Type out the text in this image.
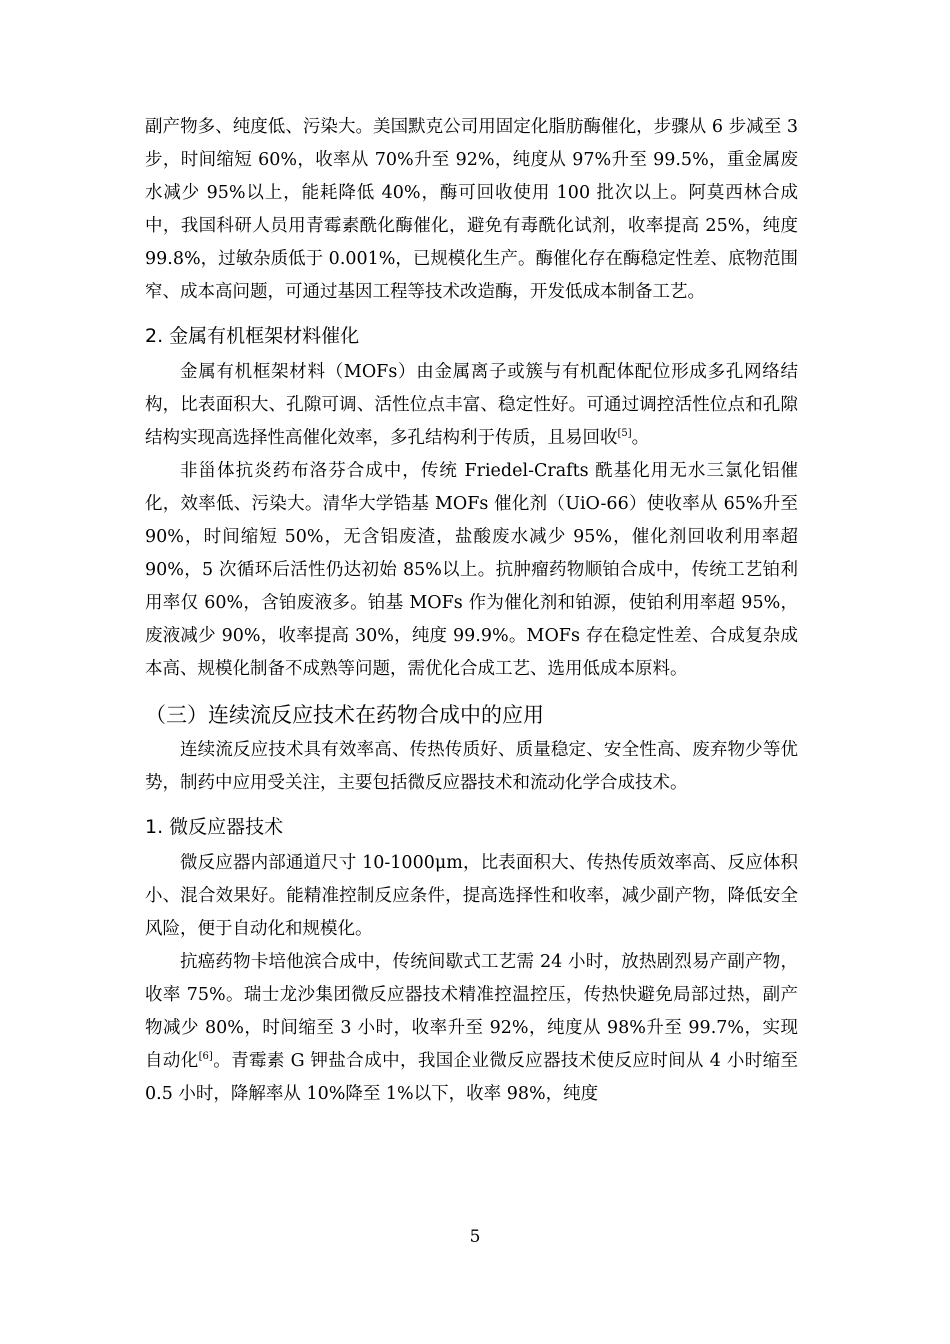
副产物多、纯度低、污染大。美国默克公司用固定化脂肪酶催化，步骤从 6 步减至 3 步，时间缩短 60%，收率从 70%升至 92%，纯度从 97%升至 99.5%，重金属废水减少 95%以上，能耗降低 40%，酶可回收使用 100 批次以上。阿莫西林合成中，我国科研人员用青霉素酰化酶催化，避免有毒酰化试剂，收率提高 25%，纯度 99.8%，过敏杂质低于 0.001%，已规模化生产。酶催化存在酶稳定性差、底物范围窄、成本高问题，可通过基因工程等技术改造酶，开发低成本制备工艺。

2. 金属有机框架材料催化

金属有机框架材料（MOFs）由金属离子或簇与有机配体配位形成多孔网络结构，比表面积大、孔隙可调、活性位点丰富、稳定性好。可通过调控活性位点和孔隙结构实现高选择性高催化效率，多孔结构利于传质，且易回收[5]。

非甾体抗炎药布洛芬合成中，传统 Friedel-Crafts 酰基化用无水三氯化铝催化，效率低、污染大。清华大学锆基 MOFs 催化剂（UiO-66）使收率从 65%升至 90%，时间缩短 50%，无含铝废渣，盐酸废水减少 95%，催化剂回收利用率超 90%，5 次循环后活性仍达初始 85%以上。抗肿瘤药物顺铂合成中，传统工艺铂利用率仅 60%，含铂废液多。铂基 MOFs 作为催化剂和铂源，使铂利用率超 95%，废液减少 90%，收率提高 30%，纯度 99.9%。MOFs 存在稳定性差、合成复杂成本高、规模化制备不成熟等问题，需优化合成工艺、选用低成本原料。

（三）连续流反应技术在药物合成中的应用

连续流反应技术具有效率高、传热传质好、质量稳定、安全性高、废弃物少等优势，制药中应用受关注，主要包括微反应器技术和流动化学合成技术。

1. 微反应器技术

微反应器内部通道尺寸 10-1000μm，比表面积大、传热传质效率高、反应体积小、混合效果好。能精准控制反应条件，提高选择性和收率，减少副产物，降低安全风险，便于自动化和规模化。

抗癌药物卡培他滨合成中，传统间歇式工艺需 24 小时，放热剧烈易产副产物，收率 75%。瑞士龙沙集团微反应器技术精准控温控压，传热快避免局部过热，副产物减少 80%，时间缩至 3 小时，收率升至 92%，纯度从 98%升至 99.7%，实现自动化[6]。青霉素 G 钾盐合成中，我国企业微反应器技术使反应时间从 4 小时缩至 0.5 小时，降解率从 10%降至 1%以下，收率 98%，纯度

5
